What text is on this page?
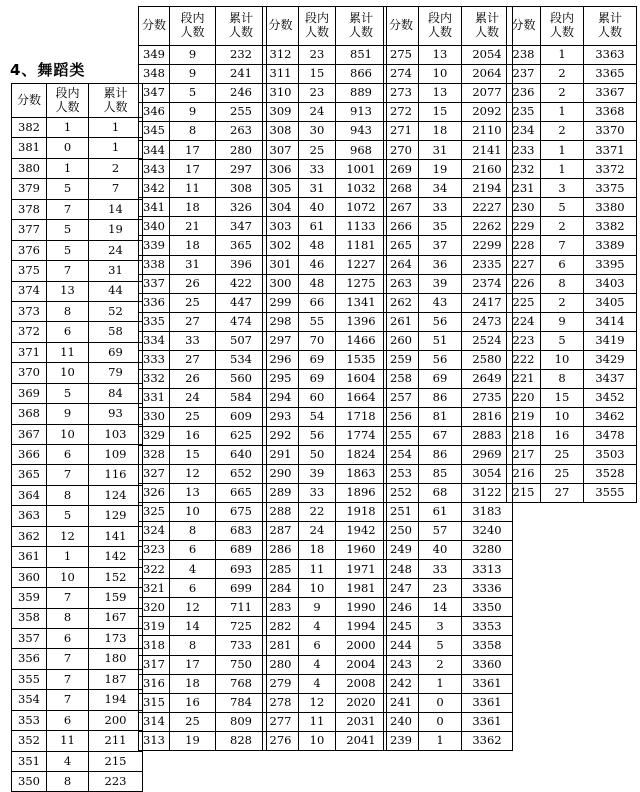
4、舞蹈类
分数	段内
人数	累计
人数

382	1	1
381	0	1
380	1	2
379	5	7
378	7	14
377	5	19
376	5	24
375	7	31
374	13	44
373	8	52
372	6	58
371	11	69
370	10	79
369	5	84
368	9	93
367	10	103
366	6	109
365	7	116
364	8	124
363	5	129
362	12	141
361	1	142
360	10	152
359	7	159
358	8	167
357	6	173
356	7	180
355	7	187
354	7	194
353	6	200
352	11	211
351	4	215
350	8	223
分数	段内
人数	累计
人数

349	9	232
348	9	241
347	5	246
346	9	255
345	8	263
344	17	280
343	17	297
342	11	308
341	18	326
340	21	347
339	18	365
338	31	396
337	26	422
336	25	447
335	27	474
334	33	507
333	27	534
332	26	560
331	24	584
330	25	609
329	16	625
328	15	640
327	12	652
326	13	665
325	10	675
324	8	683
323	6	689
322	4	693
321	6	699
320	12	711
319	14	725
318	8	733
317	17	750
316	18	768
315	16	784
314	25	809
313	19	828
分数	段内
人数	累计
人数

312	23	851
311	15	866
310	23	889
309	24	913
308	30	943
307	25	968
306	33	1001
305	31	1032
304	40	1072
303	61	1133
302	48	1181
301	46	1227
300	48	1275
299	66	1341
298	55	1396
297	70	1466
296	69	1535
295	69	1604
294	60	1664
293	54	1718
292	56	1774
291	50	1824
290	39	1863
289	33	1896
288	22	1918
287	24	1942
286	18	1960
285	11	1971
284	10	1981
283	9	1990
282	4	1994
281	6	2000
280	4	2004
279	4	2008
278	12	2020
277	11	2031
276	10	2041
分数	段内
人数	累计
人数

275	13	2054
274	10	2064
273	13	2077
272	15	2092
271	18	2110
270	31	2141
269	19	2160
268	34	2194
267	33	2227
266	35	2262
265	37	2299
264	36	2335
263	39	2374
262	43	2417
261	56	2473
260	51	2524
259	56	2580
258	69	2649
257	86	2735
256	81	2816
255	67	2883
254	86	2969
253	85	3054
252	68	3122
251	61	3183
250	57	3240
249	40	3280
248	33	3313
247	23	3336
246	14	3350
245	3	3353
244	5	3358
243	2	3360
242	1	3361
241	0	3361
240	0	3361
239	1	3362
分数	段内
人数	累计
人数

238	1	3363
237	2	3365
236	2	3367
235	1	3368
234	2	3370
233	1	3371
232	1	3372
231	3	3375
230	5	3380
229	2	3382
228	7	3389
227	6	3395
226	8	3403
225	2	3405
224	9	3414
223	5	3419
222	10	3429
221	8	3437
220	15	3452
219	10	3462
218	16	3478
217	25	3503
216	25	3528
215	27	3555
